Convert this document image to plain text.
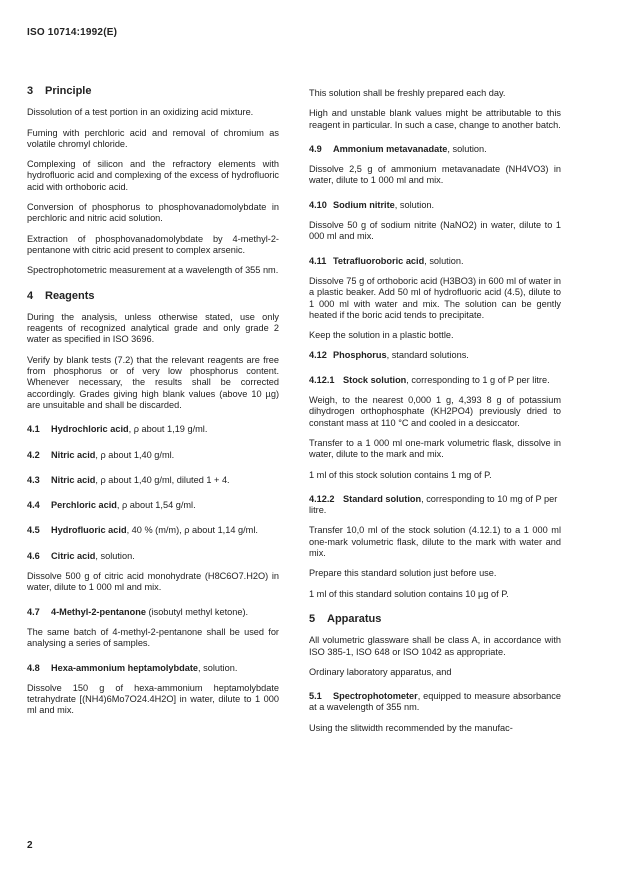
ISO 10714:1992(E)
3 Principle

Dissolution of a test portion in an oxidizing acid mixture.

Fuming with perchloric acid and removal of chromium as volatile chromyl chloride.

Complexing of silicon and the refractory elements with hydrofluoric acid and complexing of the excess of hydrofluoric acid with orthoboric acid.

Conversion of phosphorus to phosphovanadomolybdate in perchloric and nitric acid solution.

Extraction of phosphovanadomolybdate by 4-methyl-2-pentanone with citric acid present to complex arsenic.

Spectrophotometric measurement at a wavelength of 355 nm.

4 Reagents

During the analysis, unless otherwise stated, use only reagents of recognized analytical grade and only grade 2 water as specified in ISO 3696.

Verify by blank tests (7.2) that the relevant reagents are free from phosphorus or of very low phosphorus content. Whenever necessary, the results shall be corrected accordingly. Grades giving high blank values (above 10 µg) are unsuitable and shall be discarded.

4.1 Hydrochloric acid, ρ about 1,19 g/ml.
4.2 Nitric acid, ρ about 1,40 g/ml.
4.3 Nitric acid, ρ about 1,40 g/ml, diluted 1 + 4.
4.4 Perchloric acid, ρ about 1,54 g/ml.
4.5 Hydrofluoric acid, 40 % (m/m), ρ about 1,14 g/ml.
4.6 Citric acid, solution.

Dissolve 500 g of citric acid monohydrate (H8C6O7.H2O) in water, dilute to 1 000 ml and mix.

4.7 4-Methyl-2-pentanone (isobutyl methyl ketone).

The same batch of 4-methyl-2-pentanone shall be used for analysing a series of samples.

4.8 Hexa-ammonium heptamolybdate, solution.

Dissolve 150 g of hexa-ammonium heptamolybdate tetrahydrate [(NH4)6Mo7O24.4H2O] in water, dilute to 1 000 ml and mix.

This solution shall be freshly prepared each day.

High and unstable blank values might be attributable to this reagent in particular. In such a case, change to another batch.

4.9 Ammonium metavanadate, solution.

Dissolve 2,5 g of ammonium metavanadate (NH4VO3) in water, dilute to 1 000 ml and mix.

4.10 Sodium nitrite, solution.

Dissolve 50 g of sodium nitrite (NaNO2) in water, dilute to 1 000 ml and mix.

4.11 Tetrafluoroboric acid, solution.

Dissolve 75 g of orthoboric acid (H3BO3) in 600 ml of water in a plastic beaker. Add 50 ml of hydrofluoric acid (4.5), dilute to 1 000 ml with water and mix. The solution can be gently heated if the boric acid tends to precipitate.

Keep the solution in a plastic bottle.

4.12 Phosphorus, standard solutions.
4.12.1 Stock solution, corresponding to 1 g of P per litre.

Weigh, to the nearest 0,000 1 g, 4,393 8 g of potassium dihydrogen orthophosphate (KH2PO4) previously dried to constant mass at 110 °C and cooled in a desiccator.

Transfer to a 1 000 ml one-mark volumetric flask, dissolve in water, dilute to the mark and mix.

1 ml of this stock solution contains 1 mg of P.

4.12.2 Standard solution, corresponding to 10 mg of P per litre.

Transfer 10,0 ml of the stock solution (4.12.1) to a 1 000 ml one-mark volumetric flask, dilute to the mark with water and mix.

Prepare this standard solution just before use.

1 ml of this standard solution contains 10 µg of P.

5 Apparatus

All volumetric glassware shall be class A, in accordance with ISO 385-1, ISO 648 or ISO 1042 as appropriate.

Ordinary laboratory apparatus, and

5.1 Spectrophotometer, equipped to measure absorbance at a wavelength of 355 nm.

Using the slitwidth recommended by the manufac-

2
